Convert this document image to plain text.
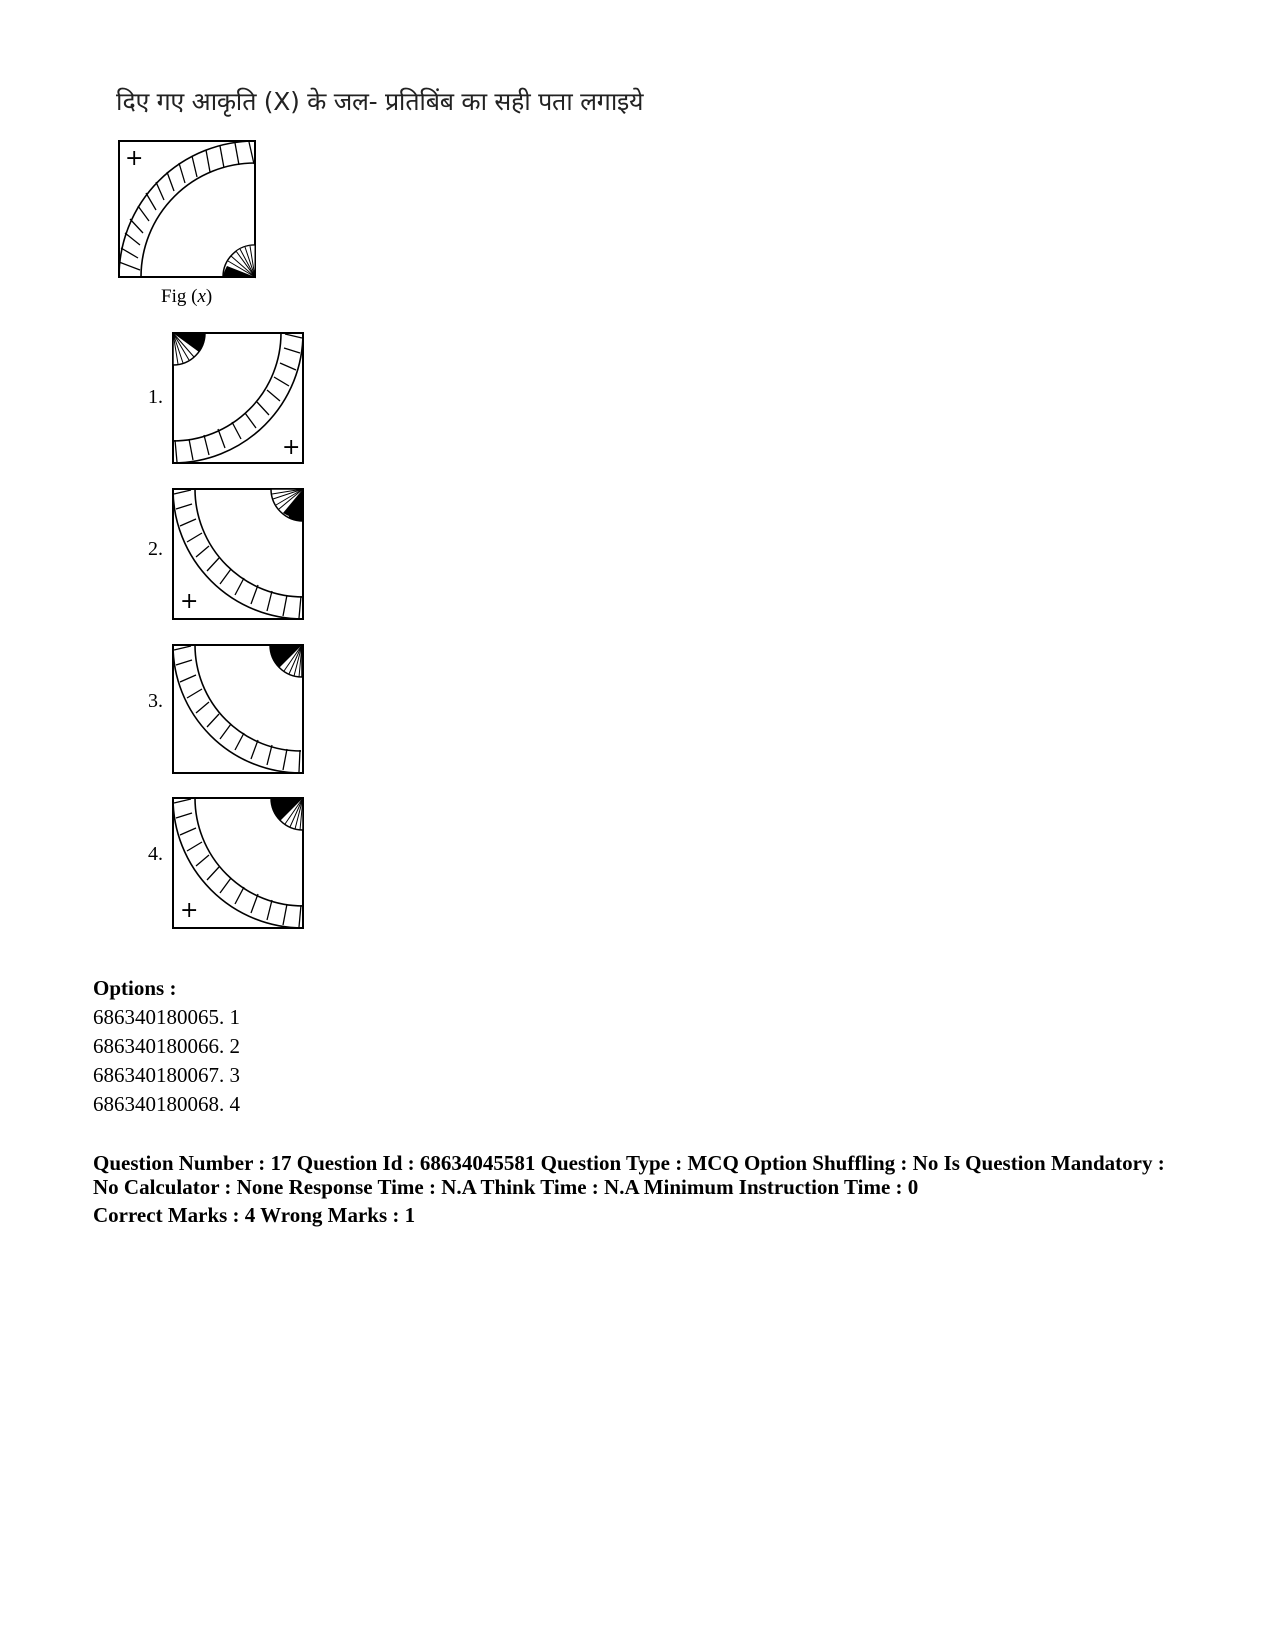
दिए गए आकृति (X) के जल- प्रतिबिंब का सही पता लगाइये
+
Fig (x)
1.
+
2.
+
3.
4.
+
Options :
686340180065. 1
686340180066. 2
686340180067. 3
686340180068. 4
Question Number : 17 Question Id : 68634045581 Question Type : MCQ Option Shuffling : No Is Question Mandatory :
No Calculator : None Response Time : N.A Think Time : N.A Minimum Instruction Time : 0
Correct Marks : 4 Wrong Marks : 1
